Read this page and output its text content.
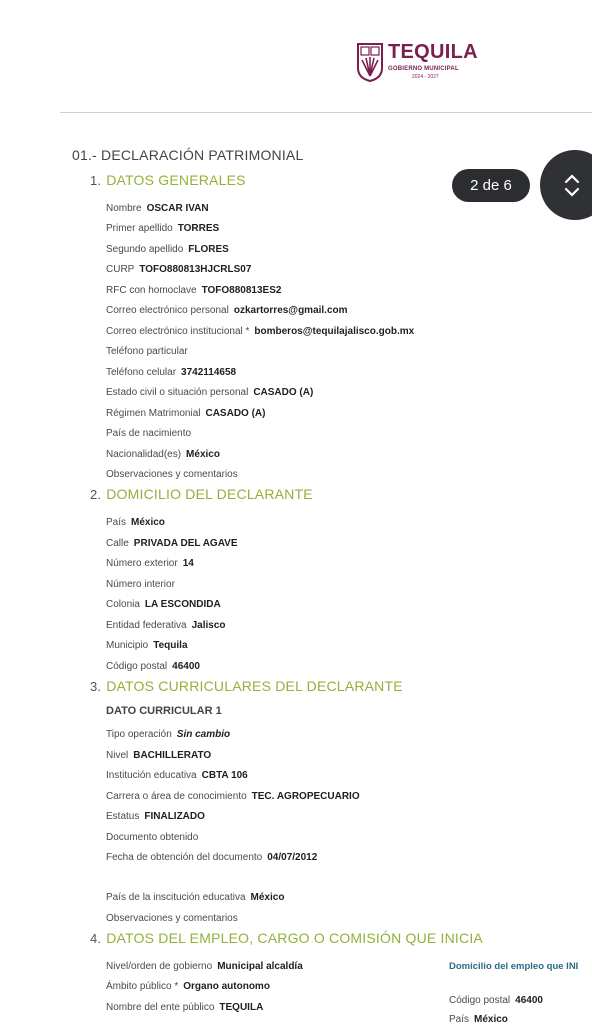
TEQUILA
GOBIERNO MUNICIPAL
2024 - 2027
2 de 6
01.- DECLARACIÓN PATRIMONIAL
1. DATOS GENERALES
Nombre OSCAR IVAN
Primer apellido TORRES
Segundo apellido FLORES
CURP TOFO880813HJCRLS07
RFC con homoclave TOFO880813ES2
Correo electrónico personal ozkartorres@gmail.com
Correo electrónico institucional * bomberos@tequilajalisco.gob.mx
Teléfono particular
Teléfono celular 3742114658
Estado civil o situación personal CASADO (A)
Régimen Matrimonial CASADO (A)
País de nacimiento
Nacionalidad(es) México
Observaciones y comentarios
2. DOMICILIO DEL DECLARANTE
País México
Calle PRIVADA DEL AGAVE
Número exterior 14
Número interior
Colonia LA ESCONDIDA
Entidad federativa Jalisco
Municipio Tequila
Código postal 46400
3. DATOS CURRICULARES DEL DECLARANTE
DATO CURRICULAR 1
Tipo operación Sin cambio
Nivel BACHILLERATO
Institución educativa CBTA 106
Carrera o área de conocimiento TEC. AGROPECUARIO
Estatus FINALIZADO
Documento obtenido
Fecha de obtención del documento 04/07/2012
País de la inscitución educativa México
Observaciones y comentarios
4. DATOS DEL EMPLEO, CARGO O COMISIÓN QUE INICIA
Nivel/orden de gobierno Municipal alcaldía
Ámbito público * Organo autonomo
Nombre del ente público TEQUILA
Domicilio del empleo que INI
Código postal 46400
País México
